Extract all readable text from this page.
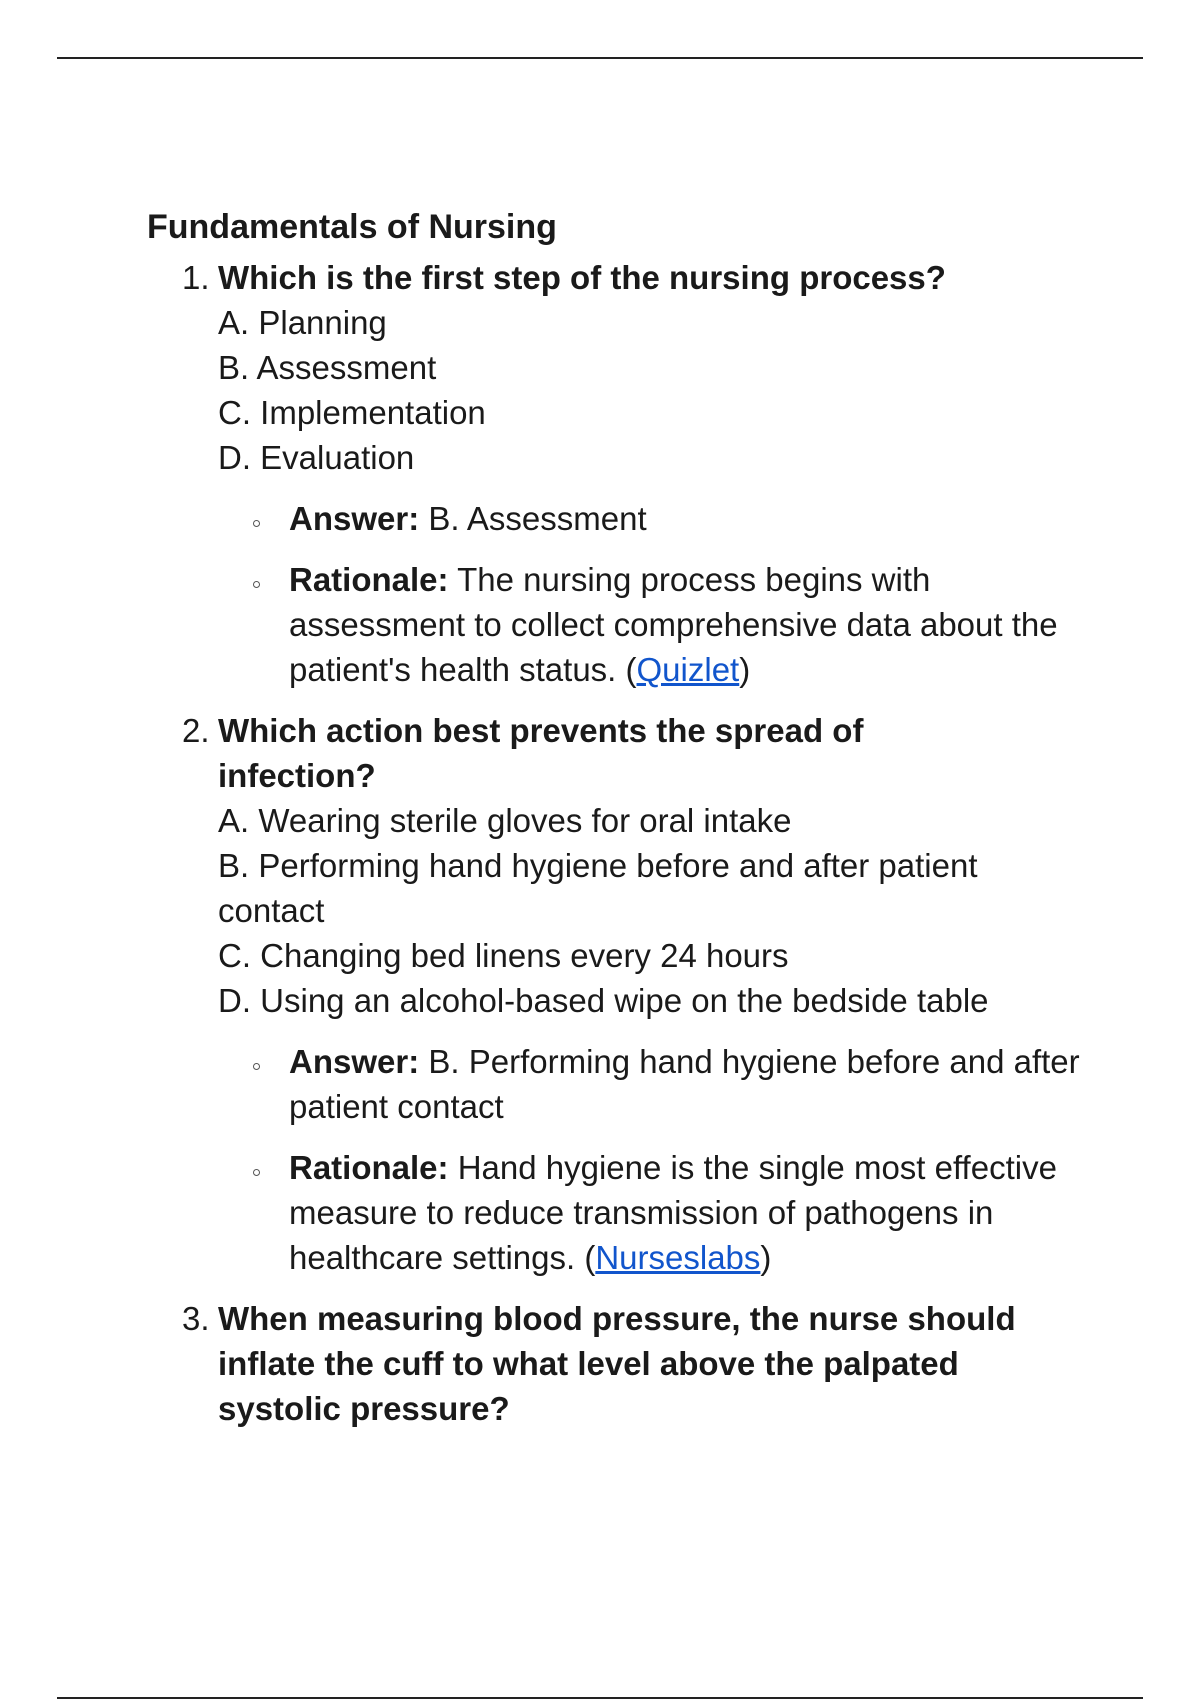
Fundamentals of Nursing
1. Which is the first step of the nursing process?

A. Planning
B. Assessment
C. Implementation
D. Evaluation
Answer: B. Assessment
Rationale: The nursing process begins with assessment to collect comprehensive data about the patient's health status. (Quizlet)
2. Which action best prevents the spread of infection?

A. Wearing sterile gloves for oral intake
B. Performing hand hygiene before and after patient contact
C. Changing bed linens every 24 hours
D. Using an alcohol-based wipe on the bedside table
Answer: B. Performing hand hygiene before and after patient contact
Rationale: Hand hygiene is the single most effective measure to reduce transmission of pathogens in healthcare settings. (Nurseslabs)
3. When measuring blood pressure, the nurse should inflate the cuff to what level above the palpated systolic pressure?
